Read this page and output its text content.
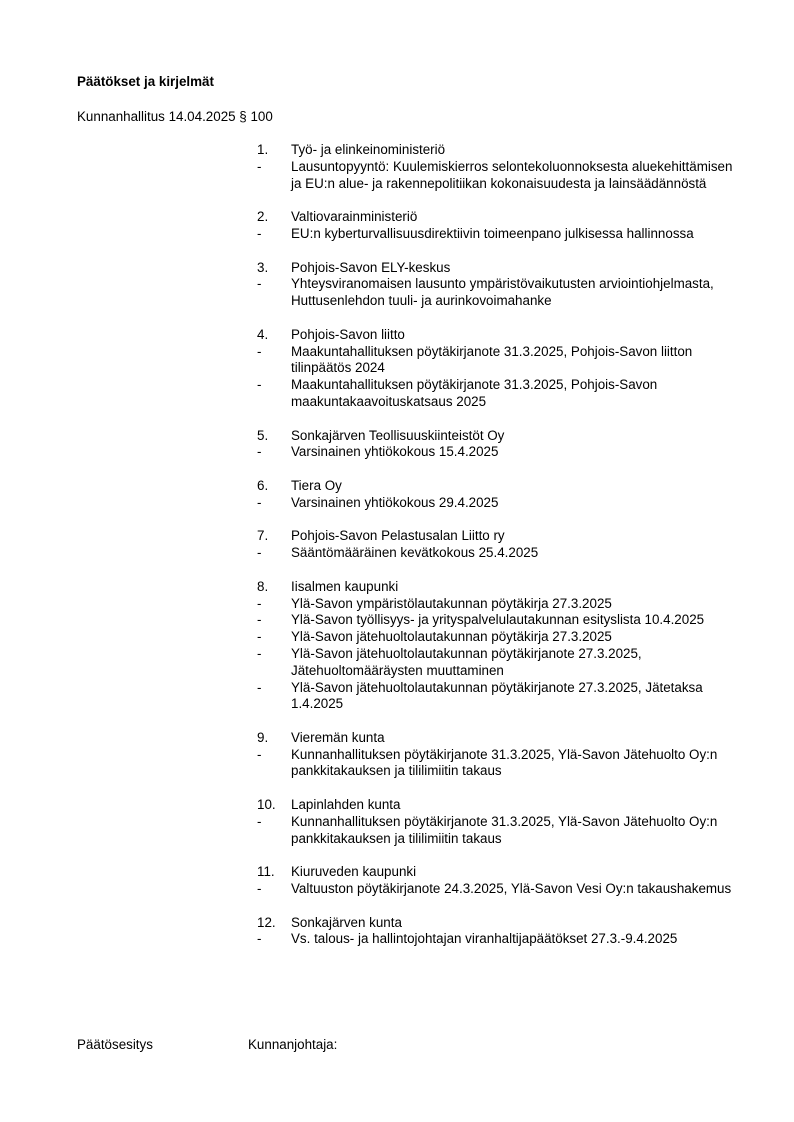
Päätökset ja kirjelmät
Kunnanhallitus 14.04.2025 § 100
1.	Työ- ja elinkeinoministeriö
-	Lausuntopyyntö: Kuulemiskierros selontekoluonnoksesta aluekehittämisen ja EU:n alue- ja rakennepolitiikan kokonaisuudesta ja lainsäädännöstä
2.	Valtiovarainministeriö
-	EU:n kyberturvallisuusdirektiivin toimeenpano julkisessa hallinnossa
3.	Pohjois-Savon ELY-keskus
-	Yhteysviranomaisen lausunto ympäristövaikutusten arviointiohjelmasta, Huttusenlehdon tuuli- ja aurinkovoimahanke
4.	Pohjois-Savon liitto
-	Maakuntahallituksen pöytäkirjanote 31.3.2025, Pohjois-Savon liitton tilinpäätös 2024
-	Maakuntahallituksen pöytäkirjanote 31.3.2025, Pohjois-Savon maakuntakaavoituskatsaus 2025
5.	Sonkajärven Teollisuuskiinteistöt Oy
-	Varsinainen yhtiökokous 15.4.2025
6.	Tiera Oy
-	Varsinainen yhtiökokous 29.4.2025
7.	Pohjois-Savon Pelastusalan Liitto ry
-	Sääntömääräinen kevätkokous 25.4.2025
8.	Iisalmen kaupunki
-	Ylä-Savon ympäristölautakunnan pöytäkirja 27.3.2025
-	Ylä-Savon työllisyys- ja yrityspalvelulautakunnan esityslista 10.4.2025
-	Ylä-Savon jätehuoltolautakunnan pöytäkirja 27.3.2025
-	Ylä-Savon jätehuoltolautakunnan pöytäkirjanote 27.3.2025, Jätehuoltomääräysten muuttaminen
-	Ylä-Savon jätehuoltolautakunnan pöytäkirjanote 27.3.2025, Jätetaksa 1.4.2025
9.	Vieremän kunta
-	Kunnanhallituksen pöytäkirjanote 31.3.2025, Ylä-Savon Jätehuolto Oy:n pankkitakauksen ja tililimiitin takaus
10.	Lapinlahden kunta
-	Kunnanhallituksen pöytäkirjanote 31.3.2025, Ylä-Savon Jätehuolto Oy:n pankkitakauksen ja tililimiitin takaus
11.	Kiuruveden kaupunki
-	Valtuuston pöytäkirjanote 24.3.2025, Ylä-Savon Vesi Oy:n takaushakemus
12.	Sonkajärven kunta
-	Vs. talous- ja hallintojohtajan viranhaltijapäätökset 27.3.-9.4.2025
Päätösesitys	Kunnanjohtaja:
